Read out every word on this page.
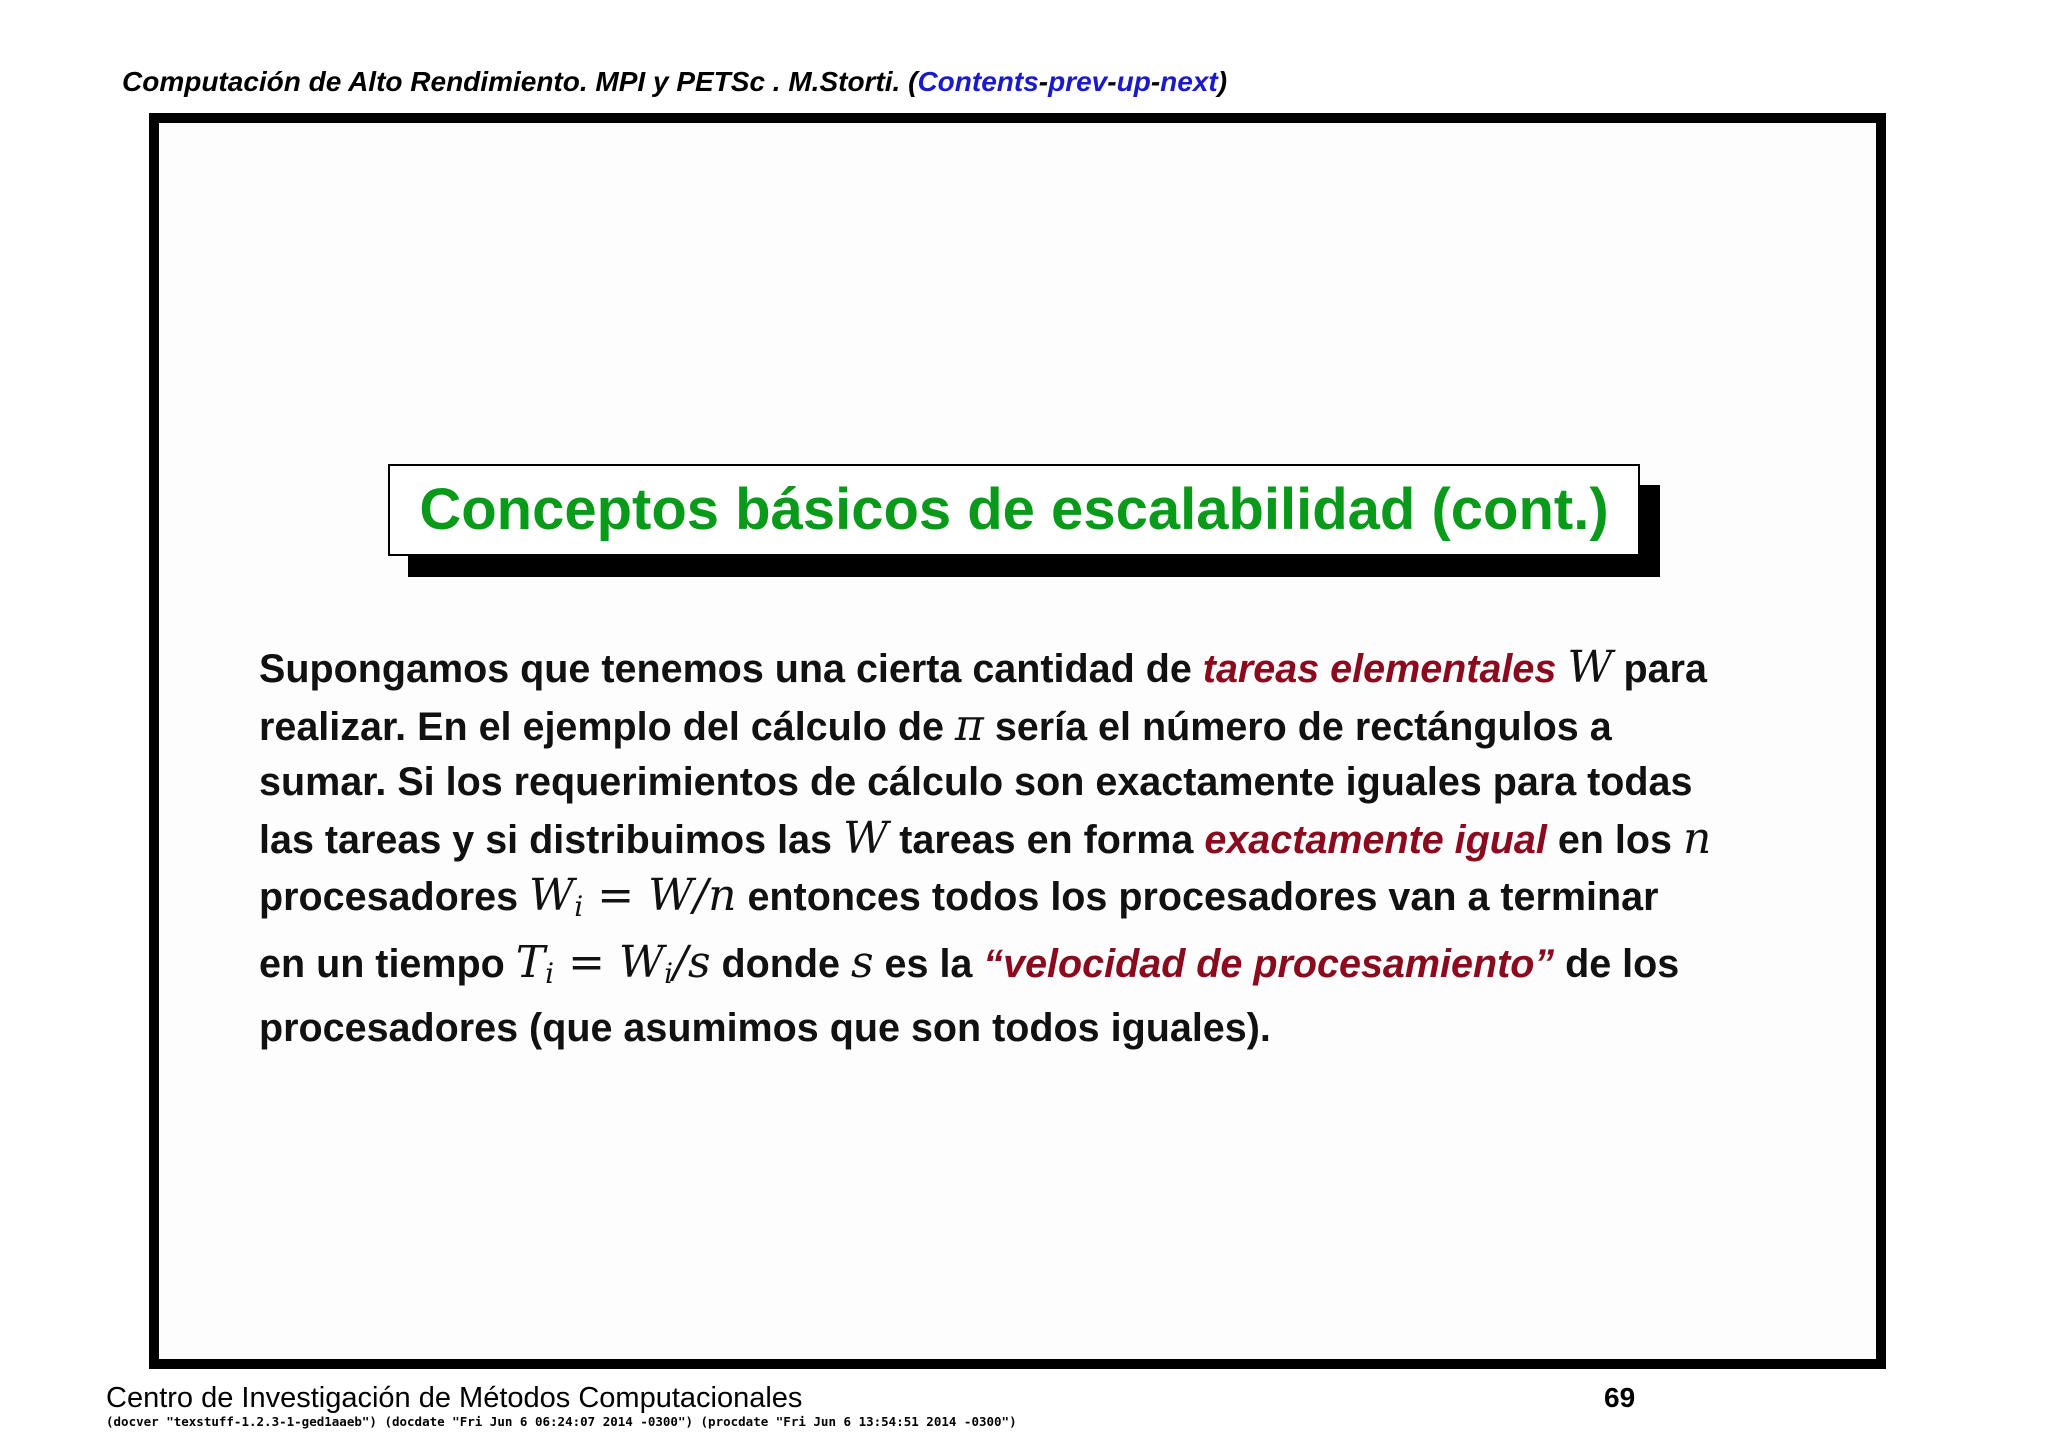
Computación de Alto Rendimiento. MPI y PETSc . M.Storti. (Contents-prev-up-next)
Conceptos básicos de escalabilidad (cont.)
Supongamos que tenemos una cierta cantidad de tareas elementales W para
realizar. En el ejemplo del cálculo de π sería el número de rectángulos a
sumar. Si los requerimientos de cálculo son exactamente iguales para todas
las tareas y si distribuimos las W tareas en forma exactamente igual en los n
procesadores $W_i = W/n$ entonces todos los procesadores van a terminar
en un tiempo $T_i = W_i/s$ donde s es la “velocidad de procesamiento” de los
procesadores (que asumimos que son todos iguales).
Centro de Investigación de Métodos Computacionales	69
(docver "texstuff-1.2.3-1-ged1aaeb") (docdate "Fri Jun 6 06:24:07 2014 -0300") (procdate "Fri Jun 6 13:54:51 2014 -0300")
